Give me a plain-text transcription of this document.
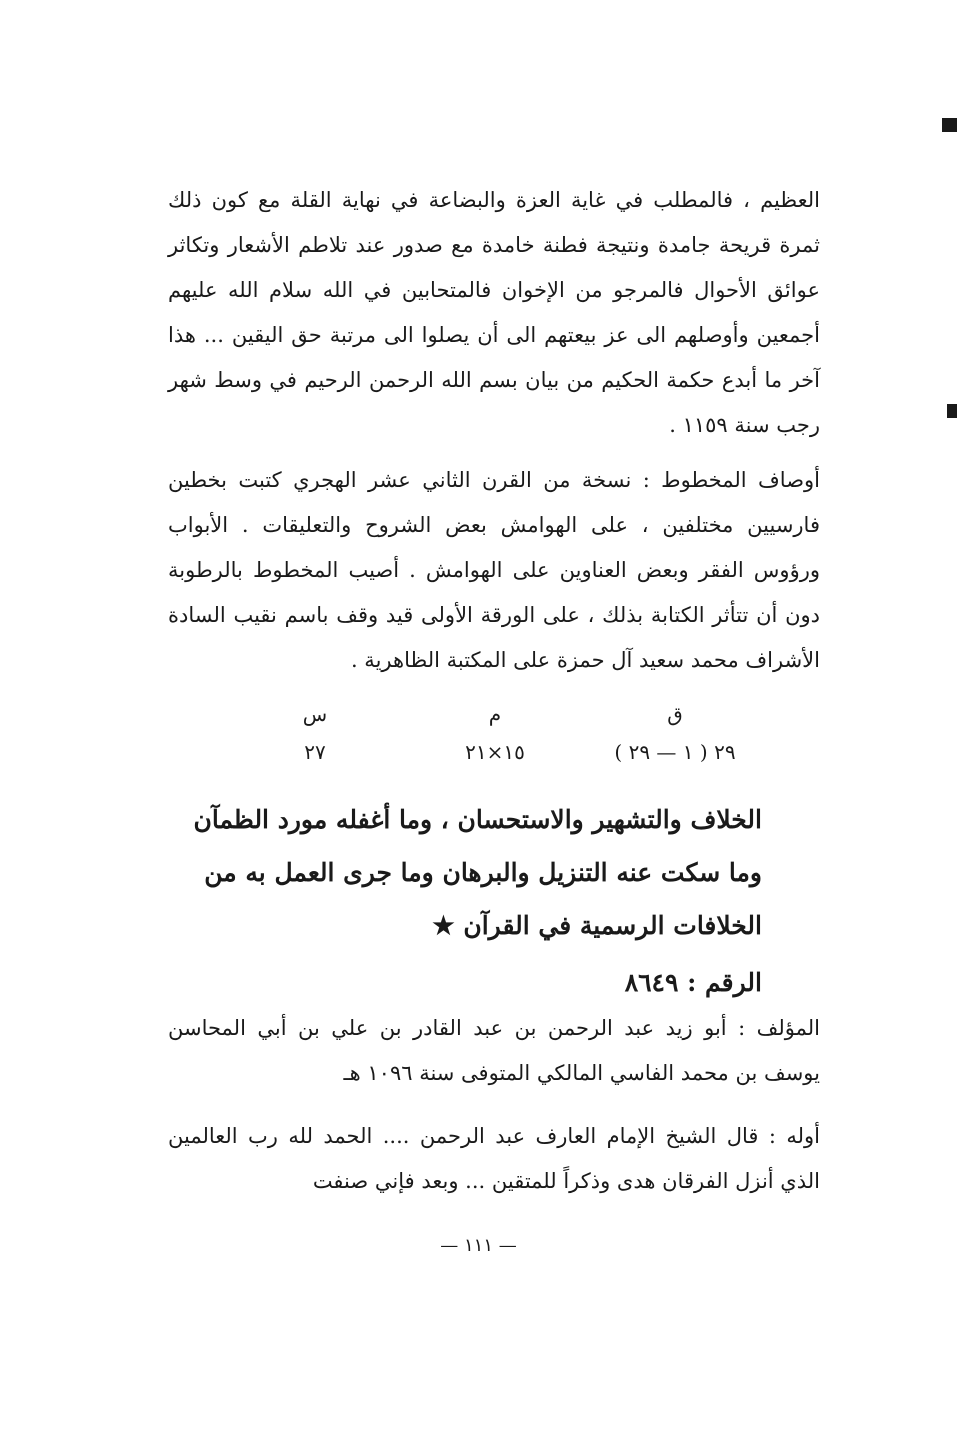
العظيم ، فالمطلب في غاية العزة والبضاعة في نهاية القلة مع كون ذلك ثمرة قريحة جامدة ونتيجة فطنة خامدة مع صدور عند تلاطم الأشعار وتكاثر عوائق الأحوال فالمرجو من الإخوان فالمتحابين في الله سلام الله عليهم أجمعين وأوصلهم الى عز بيعتهم الى أن يصلوا الى مرتبة حق اليقين ... هذا آخر ما أبدع حكمة الحكيم من بيان بسم الله الرحمن الرحيم في وسط شهر رجب سنة ١١٥٩ .

أوصاف المخطوط : نسخة من القرن الثاني عشر الهجري كتبت بخطين فارسيين مختلفين ، على الهوامش بعض الشروح والتعليقات . الأبواب ورؤوس الفقر وبعض العناوين على الهوامش . أصيب المخطوط بالرطوبة دون أن تتأثر الكتابة بذلك ، على الورقة الأولى قيد وقف باسم نقيب السادة الأشراف محمد سعيد آل حمزة على المكتبة الظاهرية .

ق
م
س
٢٩ ( ١ — ٢٩ )
١٥×٢١
٢٧
الخلاف والتشهير والاستحسان ، وما أغفله مورد الظمآن وما سكت عنه التنزيل والبرهان وما جرى العمل به من الخلافات الرسمية في القرآن ★
الرقم : ٨٦٤٩

المؤلف : أبو زيد عبد الرحمن بن عبد القادر بن علي بن أبي المحاسن يوسف بن محمد الفاسي المالكي المتوفى سنة ١٠٩٦ هـ

أوله : قال الشيخ الإمام العارف عبد الرحمن .... الحمد لله رب العالمين الذي أنزل الفرقان هدى وذكراً للمتقين ... وبعد فإني صنفت

— ١١١ —
